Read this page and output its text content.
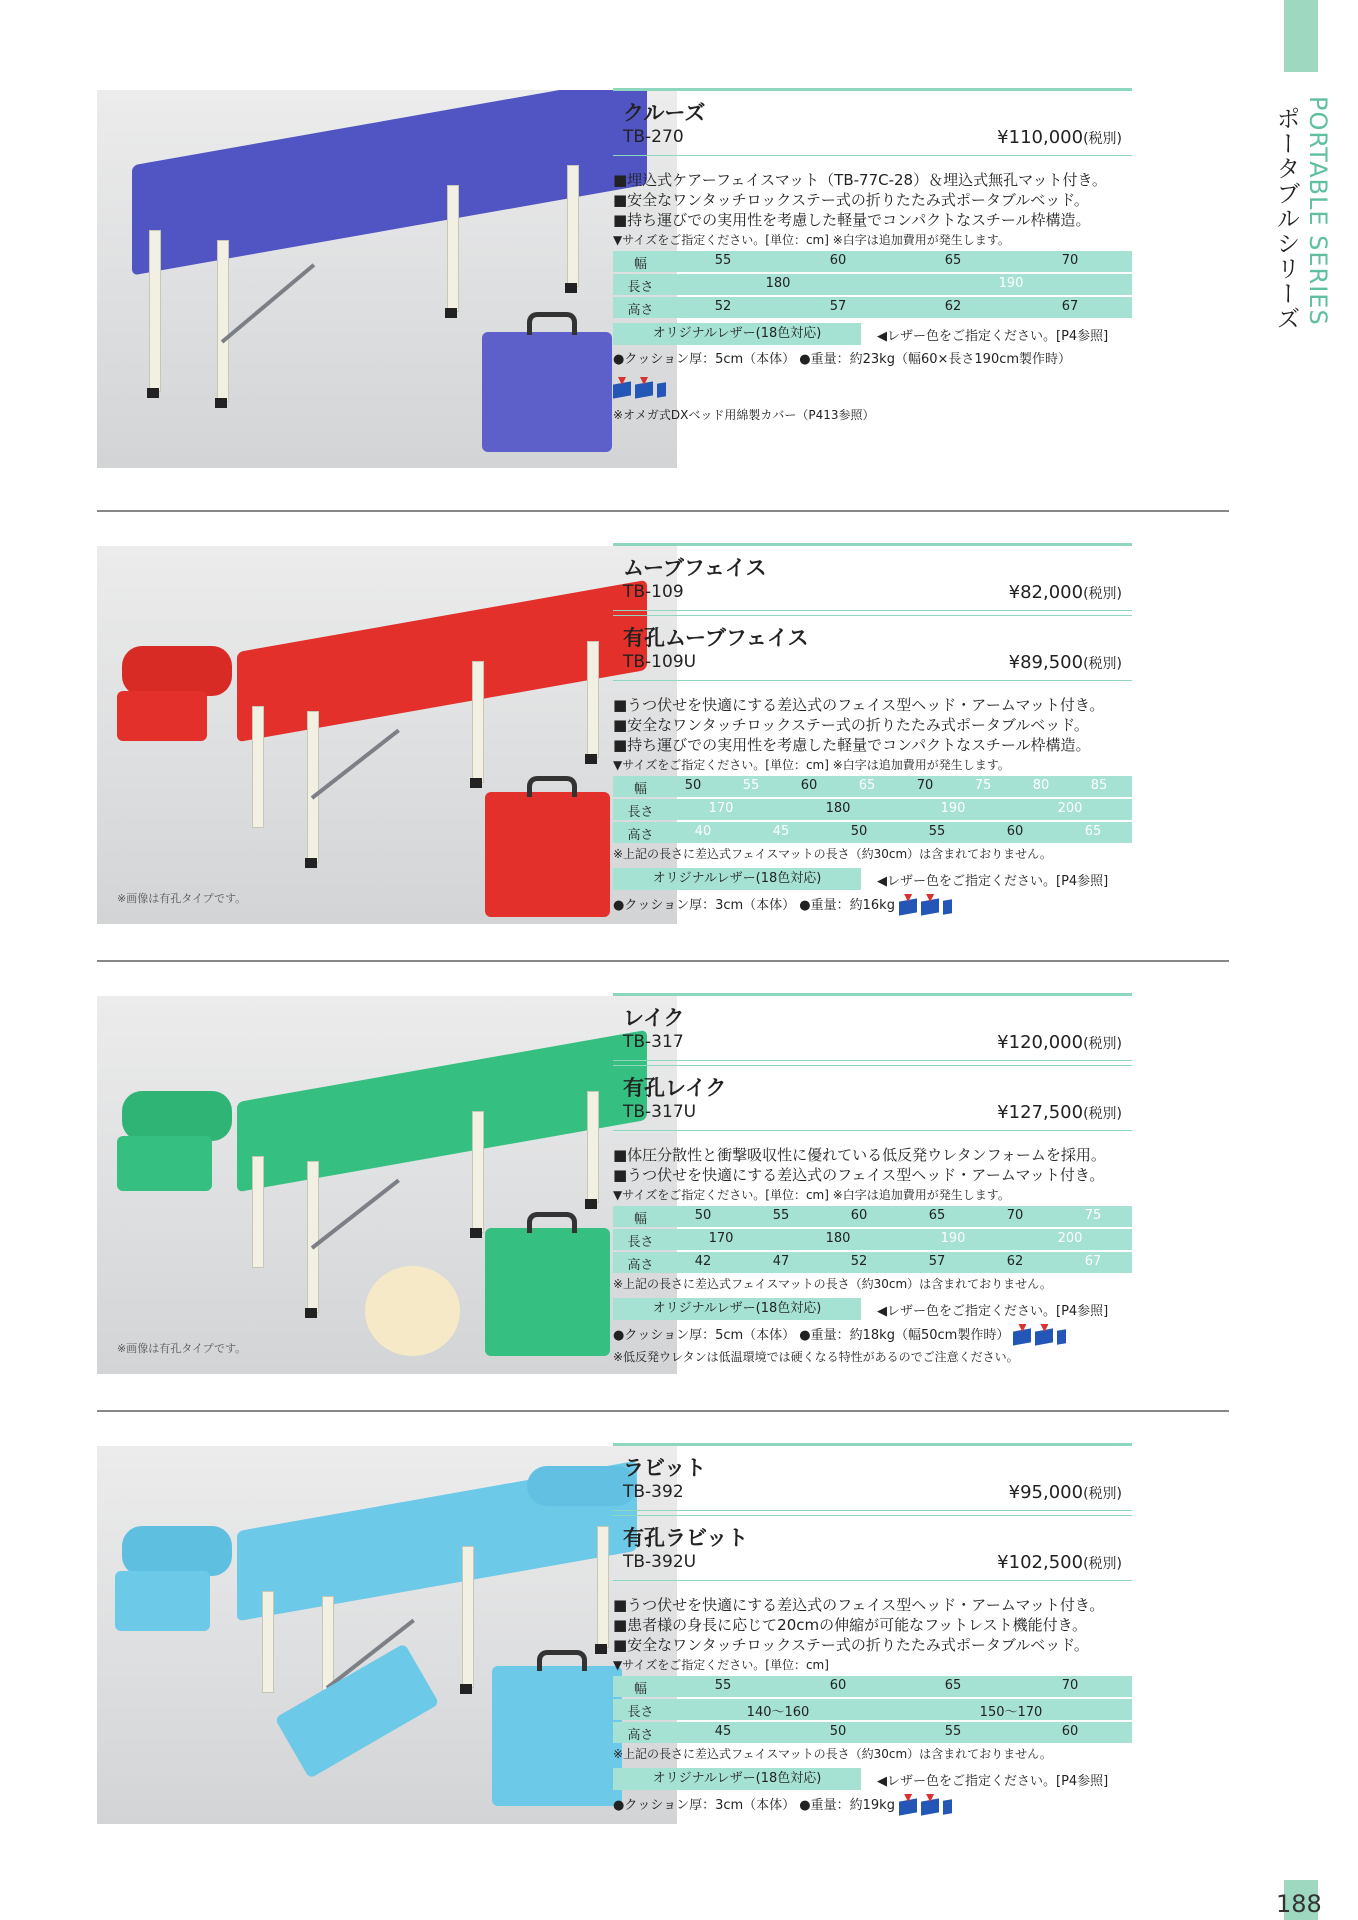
PORTABLE SERIESポータブルシリーズ
188
クルーズ
TB-270	¥110,000(税別)
■埋込式ケアーフェイスマット（TB-77C-28）＆埋込式無孔マット付き。
■安全なワンタッチロックステー式の折りたたみ式ポータブルベッド。
■持ち運びでの実用性を考慮した軽量でコンパクトなスチール枠構造。
▼サイズをご指定ください。[単位：cm] ※白字は追加費用が発生します。
幅	55	60	65	70
長さ	180	190
高さ	52	57	62	67
オリジナルレザー(18色対応)	◀レザー色をご指定ください。[P4参照]
●クッション厚：5cm（本体） ●重量：約23kg（幅60×長さ190cm製作時）
※オメガ式DXベッド用綿製カバー（P413参照）
※画像は有孔タイプです。
ムーブフェイス
TB-109	¥82,000(税別)
有孔ムーブフェイス
TB-109U	¥89,500(税別)
■うつ伏せを快適にする差込式のフェイス型ヘッド・アームマット付き。
■安全なワンタッチロックステー式の折りたたみ式ポータブルベッド。
■持ち運びでの実用性を考慮した軽量でコンパクトなスチール枠構造。
▼サイズをご指定ください。[単位：cm] ※白字は追加費用が発生します。
幅	50	55	60	65	70	75	80	85
長さ	170	180	190	200
高さ	40	45	50	55	60	65
※上記の長さに差込式フェイスマットの長さ（約30cm）は含まれておりません。
オリジナルレザー(18色対応)	◀レザー色をご指定ください。[P4参照]
●クッション厚：3cm（本体） ●重量：約16kg
※画像は有孔タイプです。
レイク
TB-317	¥120,000(税別)
有孔レイク
TB-317U	¥127,500(税別)
■体圧分散性と衝撃吸収性に優れている低反発ウレタンフォームを採用。
■うつ伏せを快適にする差込式のフェイス型ヘッド・アームマット付き。
▼サイズをご指定ください。[単位：cm] ※白字は追加費用が発生します。
幅	50	55	60	65	70	75
長さ	170	180	190	200
高さ	42	47	52	57	62	67
※上記の長さに差込式フェイスマットの長さ（約30cm）は含まれておりません。
オリジナルレザー(18色対応)	◀レザー色をご指定ください。[P4参照]
●クッション厚：5cm（本体） ●重量：約18kg（幅50cm製作時）
※低反発ウレタンは低温環境では硬くなる特性があるのでご注意ください。
ラビット
TB-392	¥95,000(税別)
有孔ラビット
TB-392U	¥102,500(税別)
■うつ伏せを快適にする差込式のフェイス型ヘッド・アームマット付き。
■患者様の身長に応じて20cmの伸縮が可能なフットレスト機能付き。
■安全なワンタッチロックステー式の折りたたみ式ポータブルベッド。
▼サイズをご指定ください。[単位：cm]
幅	55	60	65	70
長さ	140〜160	150〜170
高さ	45	50	55	60
※上記の長さに差込式フェイスマットの長さ（約30cm）は含まれておりません。
オリジナルレザー(18色対応)	◀レザー色をご指定ください。[P4参照]
●クッション厚：3cm（本体） ●重量：約19kg
